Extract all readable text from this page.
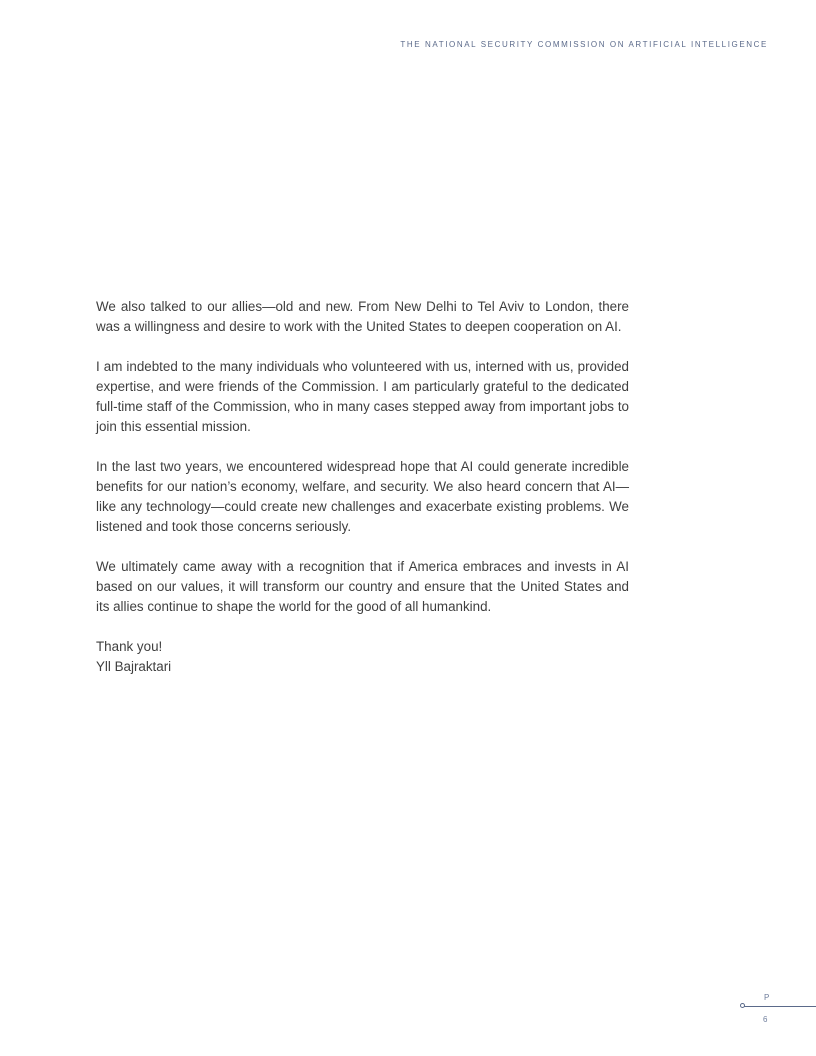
THE NATIONAL SECURITY COMMISSION ON ARTIFICIAL INTELLIGENCE

We also talked to our allies—old and new. From New Delhi to Tel Aviv to London, there was a willingness and desire to work with the United States to deepen cooperation on AI.

I am indebted to the many individuals who volunteered with us, interned with us, provided expertise, and were friends of the Commission. I am particularly grateful to the dedicated full-time staff of the Commission, who in many cases stepped away from important jobs to join this essential mission.

In the last two years, we encountered widespread hope that AI could generate incredible benefits for our nation’s economy, welfare, and security. We also heard concern that AI—like any technology—could create new challenges and exacerbate existing problems. We listened and took those concerns seriously.

We ultimately came away with a recognition that if America embraces and invests in AI based on our values, it will transform our country and ensure that the United States and its allies continue to shape the world for the good of all humankind.

Thank you!

Yll Bajraktari

P
6
